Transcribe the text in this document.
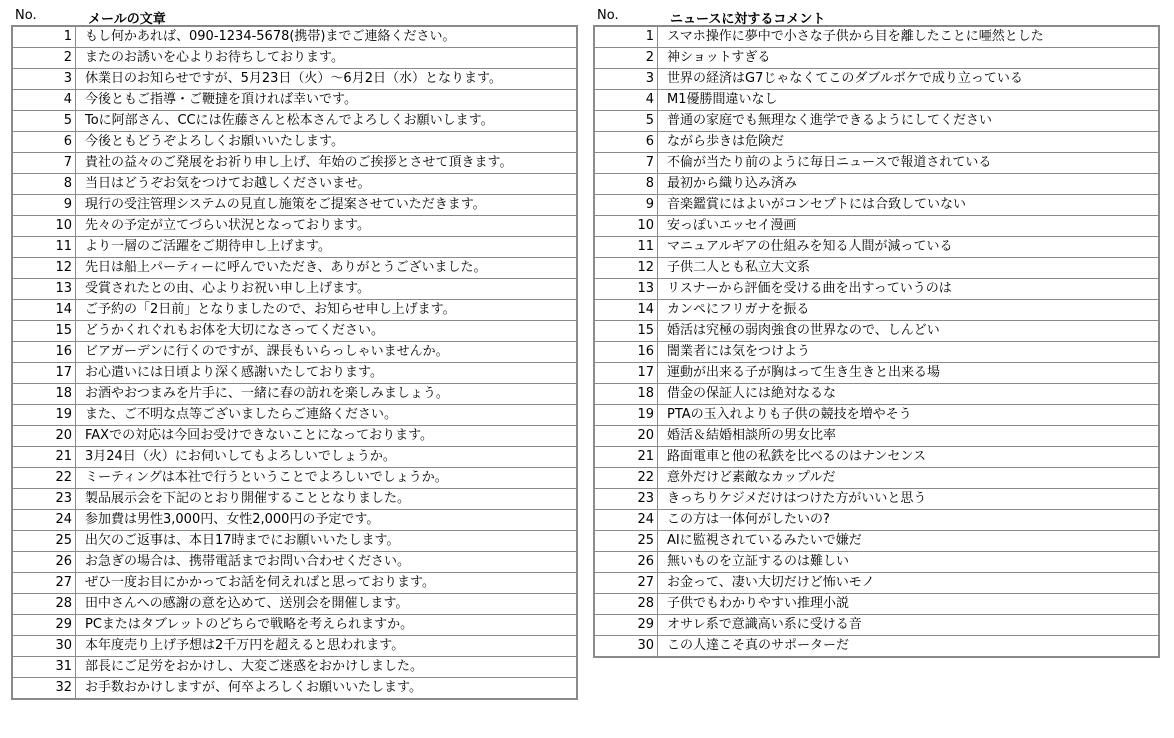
No.	メールの文章
1	もし何かあれば、090-1234-5678(携帯)までご連絡ください。
2	またのお誘いを心よりお待ちしております。
3	休業日のお知らせですが、5月23日（火）～6月2日（水）となります。
4	今後ともご指導・ご鞭撻を頂ければ幸いです。
5	Toに阿部さん、CCには佐藤さんと松本さんでよろしくお願いします。
6	今後ともどうぞよろしくお願いいたします。
7	貴社の益々のご発展をお祈り申し上げ、年始のご挨拶とさせて頂きます。
8	当日はどうぞお気をつけてお越しくださいませ。
9	現行の受注管理システムの見直し施策をご提案させていただきます。
10	先々の予定が立てづらい状況となっております。
11	より一層のご活躍をご期待申し上げます。
12	先日は船上パーティーに呼んでいただき、ありがとうございました。
13	受賞されたとの由、心よりお祝い申し上げます。
14	ご予約の「2日前」となりましたので、お知らせ申し上げます。
15	どうかくれぐれもお体を大切になさってください。
16	ビアガーデンに行くのですが、課長もいらっしゃいませんか。
17	お心遣いには日頃より深く感謝いたしております。
18	お酒やおつまみを片手に、一緒に春の訪れを楽しみましょう。
19	また、ご不明な点等ございましたらご連絡ください。
20	FAXでの対応は今回お受けできないことになっております。
21	3月24日（火）にお伺いしてもよろしいでしょうか。
22	ミーティングは本社で行うということでよろしいでしょうか。
23	製品展示会を下記のとおり開催することとなりました。
24	参加費は男性3,000円、女性2,000円の予定です。
25	出欠のご返事は、本日17時までにお願いいたします。
26	お急ぎの場合は、携帯電話までお問い合わせください。
27	ぜひ一度お目にかかってお話を伺えればと思っております。
28	田中さんへの感謝の意を込めて、送別会を開催します。
29	PCまたはタブレットのどちらで戦略を考えられますか。
30	本年度売り上げ予想は2千万円を超えると思われます。
31	部長にご足労をおかけし、大変ご迷惑をおかけしました。
32	お手数おかけしますが、何卒よろしくお願いいたします。
No.	ニュースに対するコメント
1	スマホ操作に夢中で小さな子供から目を離したことに唖然とした
2	神ショットすぎる
3	世界の経済はG7じゃなくてこのダブルボケで成り立っている
4	M1優勝間違いなし
5	普通の家庭でも無理なく進学できるようにしてください
6	ながら歩きは危険だ
7	不倫が当たり前のように毎日ニュースで報道されている
8	最初から織り込み済み
9	音楽鑑賞にはよいがコンセプトには合致していない
10	安っぽいエッセイ漫画
11	マニュアルギアの仕組みを知る人間が減っている
12	子供二人とも私立大文系
13	リスナーから評価を受ける曲を出すっていうのは
14	カンペにフリガナを振る
15	婚活は究極の弱肉強食の世界なので、しんどい
16	闇業者には気をつけよう
17	運動が出来る子が胸はって生き生きと出来る場
18	借金の保証人には絶対なるな
19	PTAの玉入れよりも子供の競技を増やそう
20	婚活＆結婚相談所の男女比率
21	路面電車と他の私鉄を比べるのはナンセンス
22	意外だけど素敵なカップルだ
23	きっちりケジメだけはつけた方がいいと思う
24	この方は一体何がしたいの?
25	AIに監視されているみたいで嫌だ
26	無いものを立証するのは難しい
27	お金って、凄い大切だけど怖いモノ
28	子供でもわかりやすい推理小説
29	オサレ系で意識高い系に受ける音
30	この人達こそ真のサポーターだ
